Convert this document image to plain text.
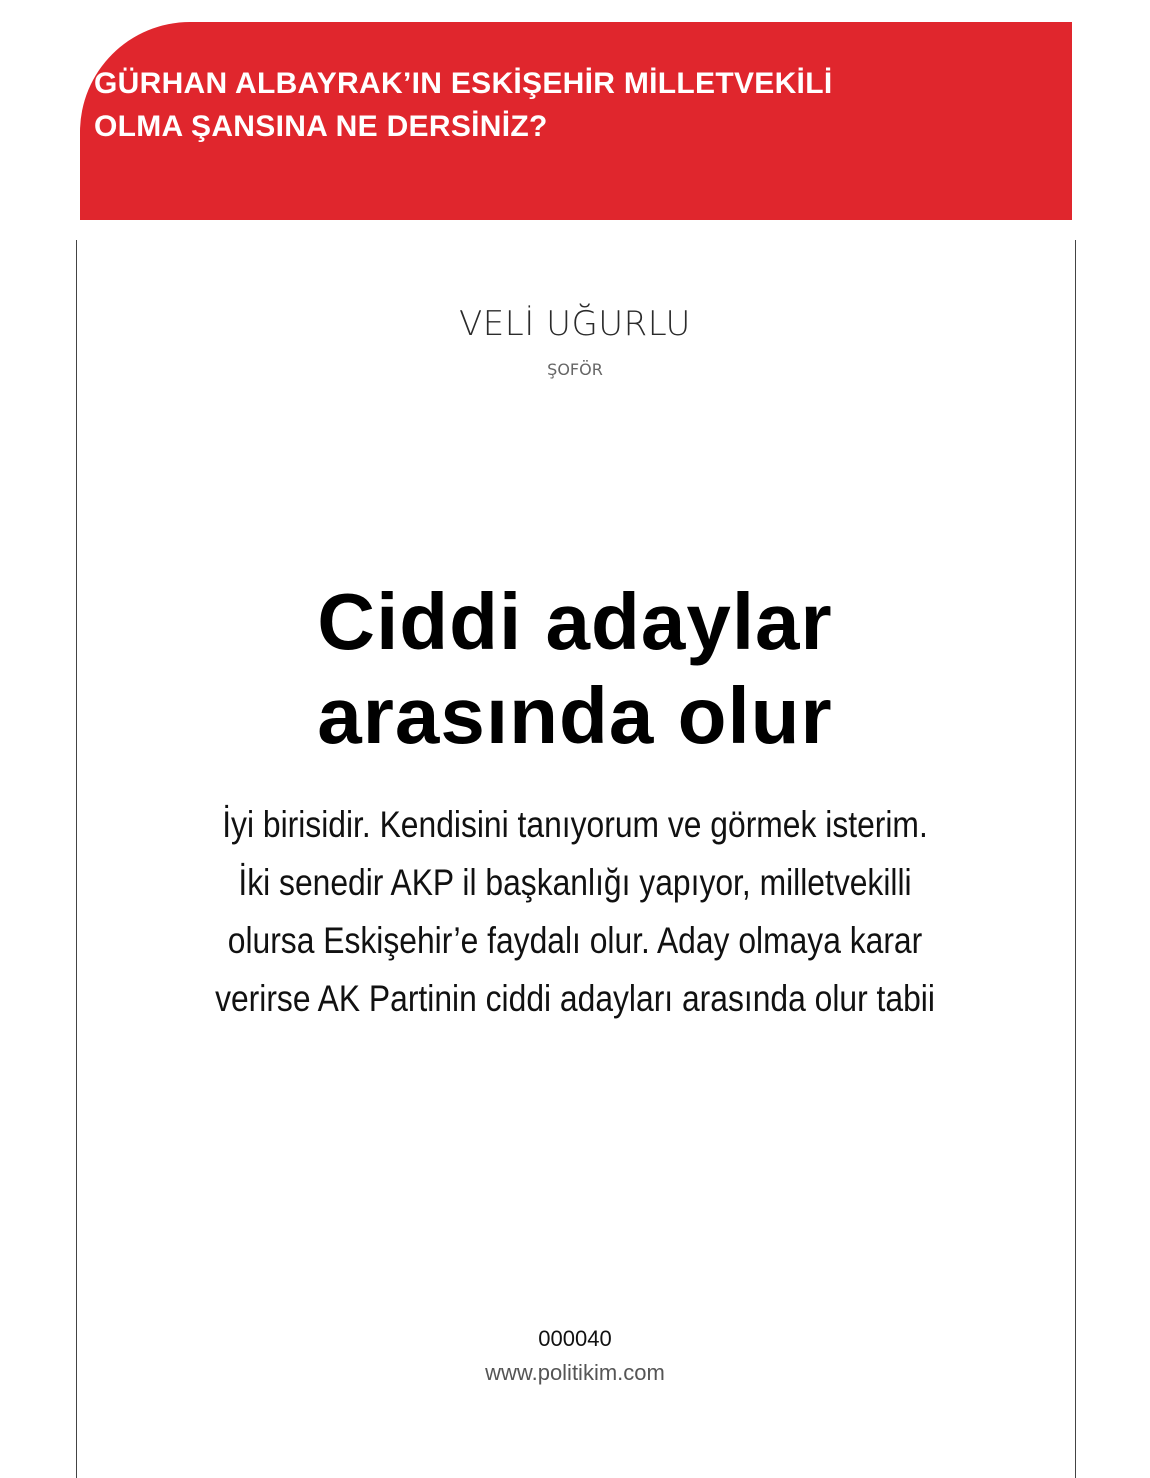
GÜRHAN ALBAYRAK’IN ESKİŞEHİR MİLLETVEKİLİ
OLMA ŞANSINA NE DERSİNİZ?

VELİ UĞURLU

ŞOFÖR

Ciddi adaylar
arasında olur

İyi birisidir. Kendisini tanıyorum ve görmek isterim.
İki senedir AKP il başkanlığı yapıyor, milletvekilli
olursa Eskişehir’e faydalı olur. Aday olmaya karar
verirse AK Partinin ciddi adayları arasında olur tabii

000040

www.politikim.com
